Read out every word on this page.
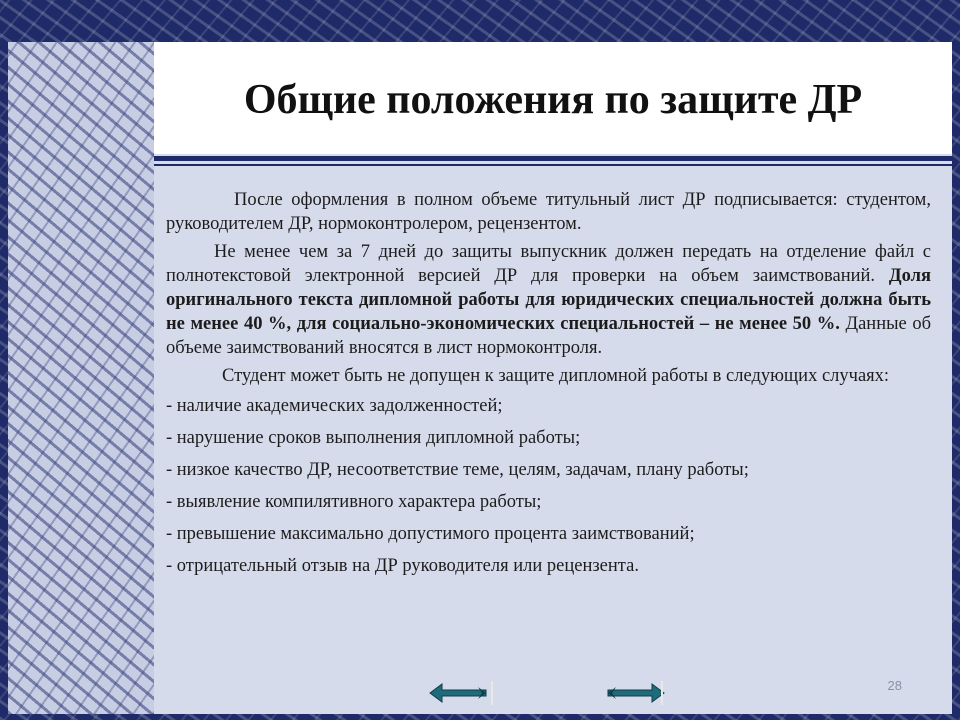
Общие положения по защите ДР

После оформления в полном объеме титульный лист ДР подписывается: студентом, руководителем ДР, нормоконтролером, рецензентом.

Не менее чем за 7 дней до защиты выпускник должен передать на отделение файл с полнотекстовой электронной версией ДР для проверки на объем заимствований. Доля оригинального текста дипломной работы для юридических специальностей должна быть не менее 40 %, для социально-экономических специальностей – не менее 50 %. Данные об объеме заимствований вносятся в лист нормоконтроля.

Студент может быть не допущен к защите дипломной работы в следующих случаях:

- наличие академических задолженностей;
- нарушение сроков выполнения дипломной работы;
- низкое качество ДР, несоответствие теме, целям, задачам, плану работы;
- выявление компилятивного характера работы;
- превышение максимально допустимого процента заимствований;
- отрицательный отзыв на ДР руководителя или рецензента.
28
